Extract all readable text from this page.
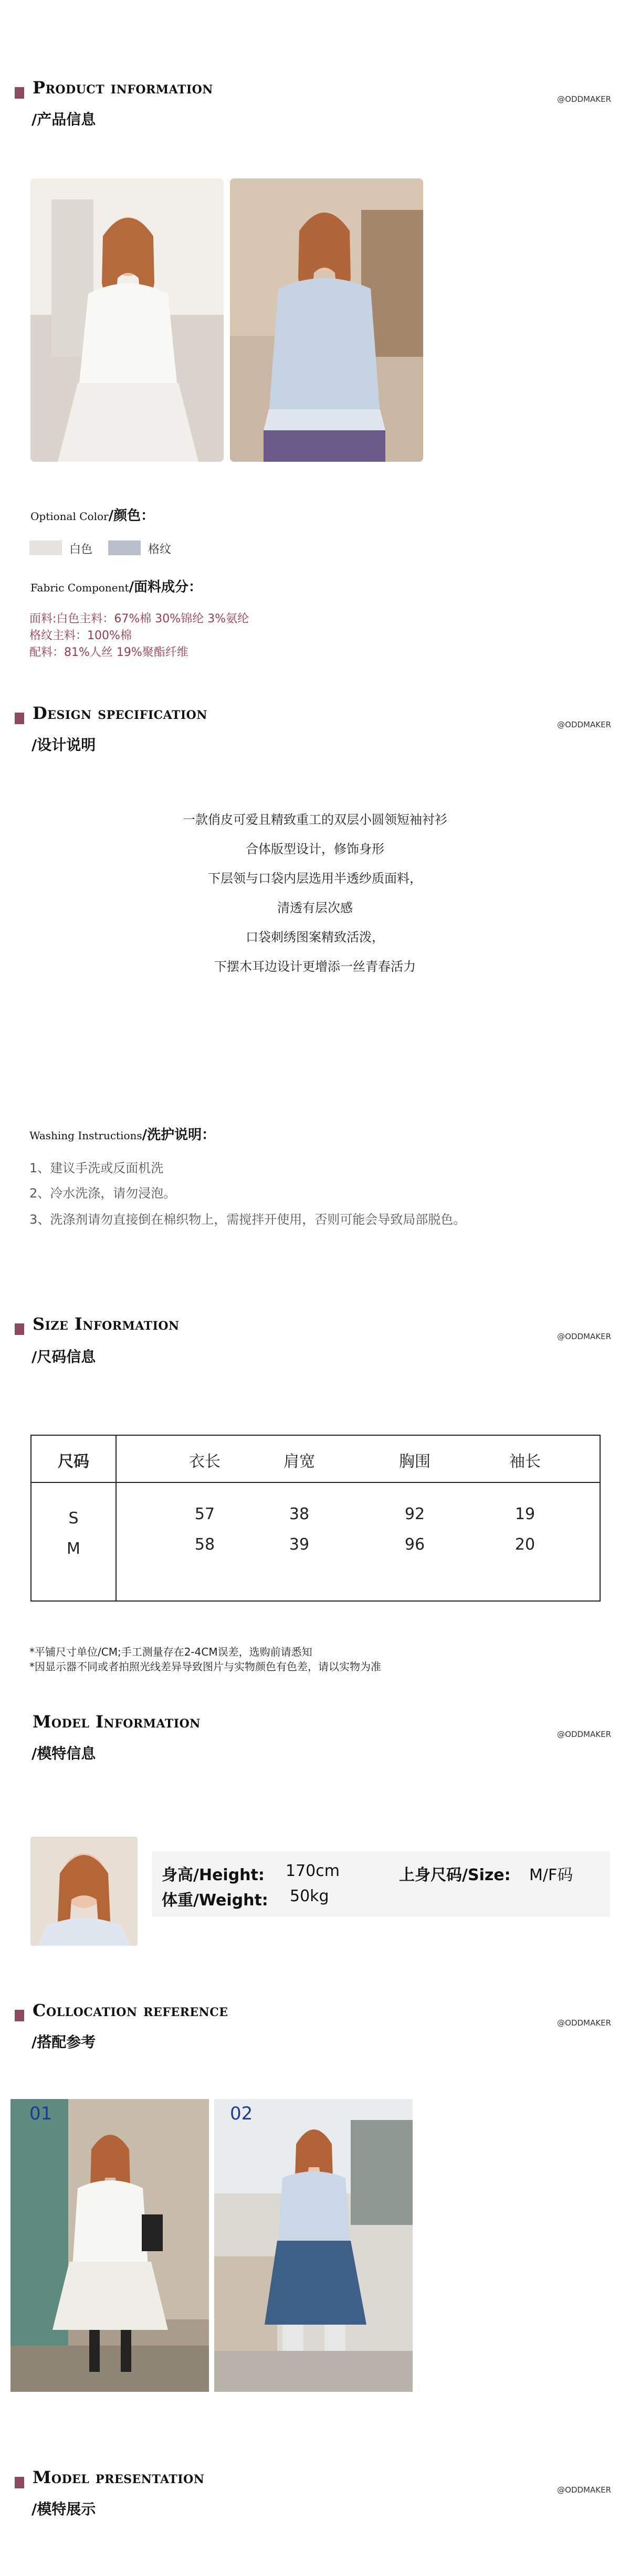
Product information
/产品信息
@ODDMAKER
Optional Color/颜色：
白色	格纹
Fabric Component/面料成分：
面料:白色主料：67%棉 30%锦纶 3%氨纶
格纹主料：100%棉
配料：81%人丝 19%聚酯纤维
Design specification
/设计说明
@ODDMAKER
一款俏皮可爱且精致重工的双层小圆领短袖衬衫
合体版型设计，修饰身形
下层领与口袋内层选用半透纱质面料，
清透有层次感
口袋刺绣图案精致活泼，
下摆木耳边设计更增添一丝青春活力
Washing Instructions/洗护说明：
1、建议手洗或反面机洗
2、冷水洗涤，请勿浸泡。
3、洗涤剂请勿直接倒在棉织物上，需搅拌开使用，否则可能会导致局部脱色。
Size Information
/尺码信息
@ODDMAKER
尺码	衣长	肩宽	胸围	袖长
S	57	38	92	19
M	58	39	96	20
*平铺尺寸单位/CM;手工测量存在2-4CM误差，选购前请悉知
*因显示器不同或者拍照光线差异导致图片与实物颜色有色差，请以实物为准
Model Information
/模特信息
@ODDMAKER
身高/Height: 170cm	上身尺码/Size: M/F码
体重/Weight: 50kg
Collocation reference
/搭配参考
@ODDMAKER
01	02
Model presentation
/模特展示
@ODDMAKER
